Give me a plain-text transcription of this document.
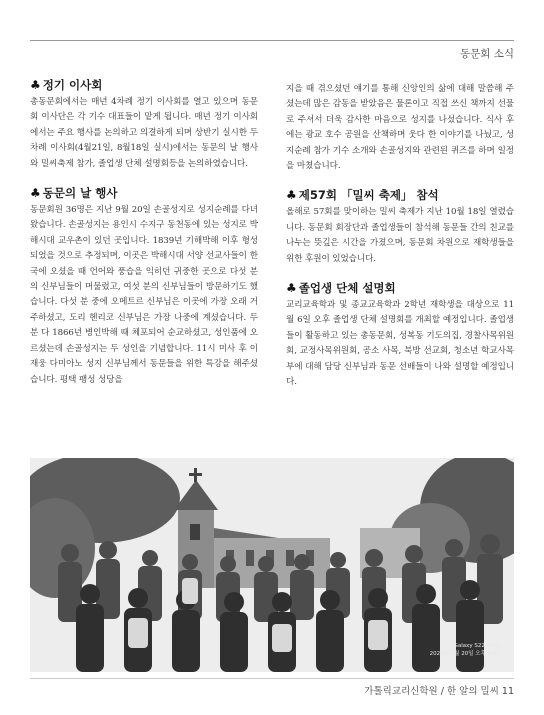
동문회 소식
♣ 정기 이사회

총동문회에서는 매년 4차례 정기 이사회를 열고 있으며 동문회 이사단은 각 기수 대표들이 맡게 됩니다. 매년 정기 이사회에서는 주요 행사를 논의하고 의결하게 되며 상반기 실시한 두 차례 이사회(4월21일, 8월18일 실시)에서는 동문의 날 행사와 밀씨축제 참가, 졸업생 단체 설명회등을 논의하였습니다.

♣ 동문의 날 행사

동문회원 36명은 지난 9월 20일 손골성지로 성지순례를 다녀왔습니다. 손골성지는 용인시 수지구 동천동에 있는 성지로 박해시대 교우촌이 있던 곳입니다. 1839년 기해박해 이후 형성되었을 것으로 추정되며, 이곳은 박해시대 서양 선교사들이 한국에 오셨을 때 언어와 풍습을 익히던 귀중한 곳으로 다섯 분의 신부님들이 머물렀고, 여섯 분의 신부님들이 방문하기도 했습니다. 다섯 분 중에 오메트르 신부님은 이곳에 가장 오래 거주하셨고, 도리 헨리코 신부님은 가장 나중에 계셨습니다. 두 분 다 1866년 병인박해 때 체포되어 순교하셨고, 성인품에 오르셨는데 손골성지는 두 성인을 기념합니다. 11시 미사 후 이재웅 다미아노 성지 신부님께서 동문들을 위한 특강을 해주셨습니다. 평택 팽성 성당을

지을 때 겪으셨던 얘기를 통해 신앙인의 삶에 대해 말씀해 주셨는데 많은 감동을 받았음은 물론이고 직접 쓰신 책까지 선물로 주셔서 더욱 감사한 마음으로 성지를 나섰습니다. 식사 후에는 광교 호수 공원을 산책하며 웃다 한 이야기를 나눴고, 성지순례 참가 기수 소개와 손골성지와 관련된 퀴즈를 하며 일정을 마쳤습니다.

♣ 제57회 「밀씨 축제」 참석

올해로 57회를 맞이하는 밀씨 축제가 지난 10월 18일 열렸습니다. 동문회 회장단과 졸업생들이 참석해 동문들 간의 친교를 나누는 뜻깊은 시간을 가졌으며, 동문회 차원으로 재학생들을 위한 후원이 있었습니다.

♣ 졸업생 단체 설명회

교리교육학과 및 종교교육학과 2학년 재학생을 대상으로 11월 6일 오후 졸업생 단체 설명회를 개최할 예정입니다. 졸업생들이 활동하고 있는 총동문회, 성복동 기도의집, 경찰사목위원회, 교정사목위원회, 공소 사목, 북방 선교회, 청소년 학교사목부에 대해 담당 신부님과 동문 선배들이 나와 설명할 예정입니다.

Galaxy S22 Ultra
2025년 9월 20일 오후 1:47
가톨릭교리신학원 / 한 알의 밀씨 11
